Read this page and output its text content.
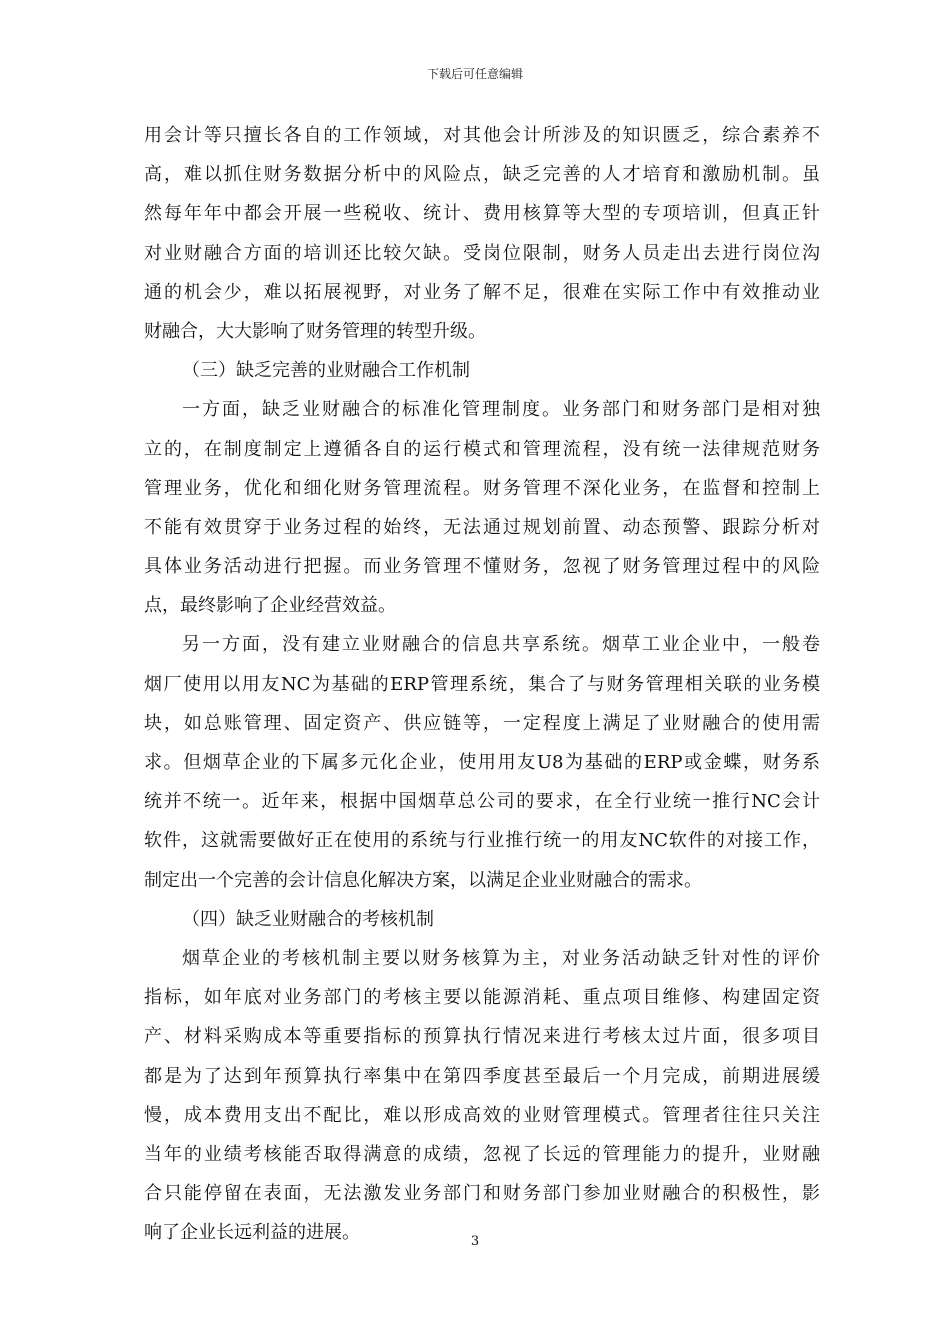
下载后可任意编辑
用会计等只擅长各自的工作领域，对其他会计所涉及的知识匮乏，综合素养不
高，难以抓住财务数据分析中的风险点，缺乏完善的人才培育和激励机制。虽
然每年年中都会开展一些税收、统计、费用核算等大型的专项培训，但真正针
对业财融合方面的培训还比较欠缺。受岗位限制，财务人员走出去进行岗位沟
通的机会少，难以拓展视野，对业务了解不足，很难在实际工作中有效推动业
财融合，大大影响了财务管理的转型升级。
（三）缺乏完善的业财融合工作机制
一方面，缺乏业财融合的标准化管理制度。业务部门和财务部门是相对独
立的，在制度制定上遵循各自的运行模式和管理流程，没有统一法律规范财务
管理业务，优化和细化财务管理流程。财务管理不深化业务，在监督和控制上
不能有效贯穿于业务过程的始终，无法通过规划前置、动态预警、跟踪分析对
具体业务活动进行把握。而业务管理不懂财务，忽视了财务管理过程中的风险
点，最终影响了企业经营效益。
另一方面，没有建立业财融合的信息共享系统。烟草工业企业中，一般卷
烟厂使用以用友NC为基础的ERP管理系统，集合了与财务管理相关联的业务模
块，如总账管理、固定资产、供应链等，一定程度上满足了业财融合的使用需
求。但烟草企业的下属多元化企业，使用用友U8为基础的ERP或金蝶，财务系
统并不统一。近年来，根据中国烟草总公司的要求，在全行业统一推行NC会计
软件，这就需要做好正在使用的系统与行业推行统一的用友NC软件的对接工作，
制定出一个完善的会计信息化解决方案，以满足企业业财融合的需求。
（四）缺乏业财融合的考核机制
烟草企业的考核机制主要以财务核算为主，对业务活动缺乏针对性的评价
指标，如年底对业务部门的考核主要以能源消耗、重点项目维修、构建固定资
产、材料采购成本等重要指标的预算执行情况来进行考核太过片面，很多项目
都是为了达到年预算执行率集中在第四季度甚至最后一个月完成，前期进展缓
慢，成本费用支出不配比，难以形成高效的业财管理模式。管理者往往只关注
当年的业绩考核能否取得满意的成绩，忽视了长远的管理能力的提升，业财融
合只能停留在表面，无法激发业务部门和财务部门参加业财融合的积极性，影
响了企业长远利益的进展。	3
